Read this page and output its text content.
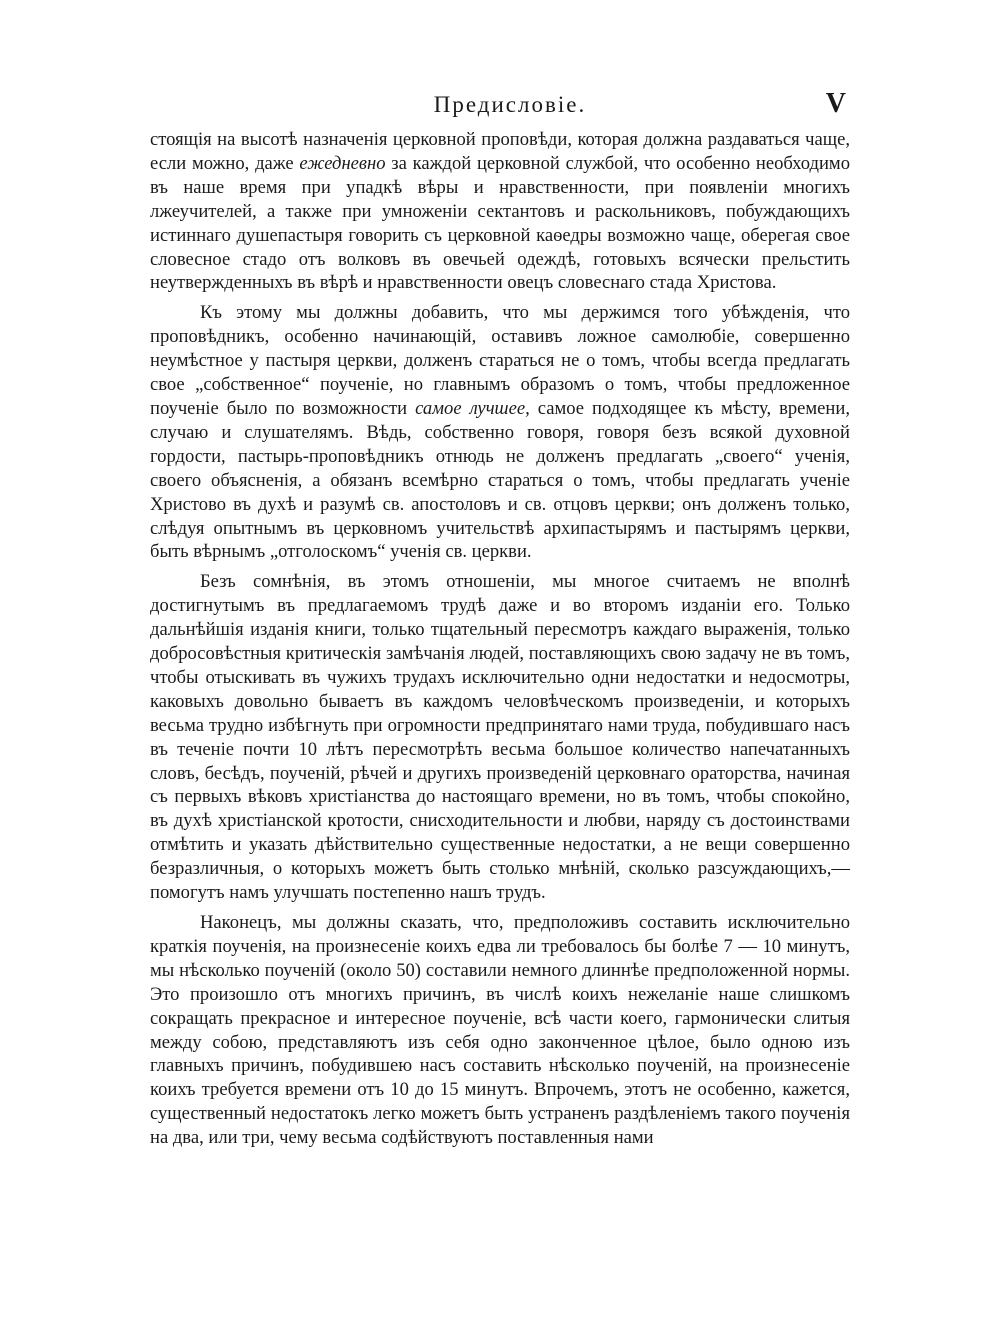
Предисловіе.	V

стоящія на высотѣ назначенія церковной проповѣди, которая должна раздаваться чаще, если можно, даже ежедневно за каждой церковной службой, что особенно необходимо въ наше время при упадкѣ вѣры и нравственности, при появленіи многихъ лжеучителей, а также при умноженіи сектантовъ и раскольниковъ, побуждающихъ истиннаго душепастыря говорить съ церковной каѳедры возможно чаще, оберегая свое словесное стадо отъ волковъ въ овечьей одеждѣ, готовыхъ всячески прельстить неутвержденныхъ въ вѣрѣ и нравственности овецъ словеснаго стада Христова.

Къ этому мы должны добавить, что мы держимся того убѣжденія, что проповѣдникъ, особенно начинающій, оставивъ ложное самолюбіе, совершенно неумѣстное у пастыря церкви, долженъ стараться не о томъ, чтобы всегда предлагать свое „собственное“ поученіе, но главнымъ образомъ о томъ, чтобы предложенное поученіе было по возможности самое лучшее, самое подходящее къ мѣсту, времени, случаю и слушателямъ. Вѣдь, собственно говоря, говоря безъ всякой духовной гордости, пастырь-проповѣдникъ отнюдь не долженъ предлагать „своего“ ученія, своего объясненія, а обязанъ всемѣрно стараться о томъ, чтобы предлагать ученіе Христово въ духѣ и разумѣ св. апостоловъ и св. отцовъ церкви; онъ долженъ только, слѣдуя опытнымъ въ церковномъ учительствѣ архипастырямъ и пастырямъ церкви, быть вѣрнымъ „отголоскомъ“ ученія св. церкви.

Безъ сомнѣнія, въ этомъ отношеніи, мы многое считаемъ не вполнѣ достигнутымъ въ предлагаемомъ трудѣ даже и во второмъ изданіи его. Только дальнѣйшія изданія книги, только тщательный пересмотръ каждаго выраженія, только добросовѣстныя критическія замѣчанія людей, поставляющихъ свою задачу не въ томъ, чтобы отыскивать въ чужихъ трудахъ исключительно одни недостатки и недосмотры, каковыхъ довольно бываетъ въ каждомъ человѣческомъ произведеніи, и которыхъ весьма трудно избѣгнуть при огромности предпринятаго нами труда, побудившаго насъ въ теченіе почти 10 лѣтъ пересмотрѣть весьма большое количество напечатанныхъ словъ, бесѣдъ, поученій, рѣчей и другихъ произведеній церковнаго ораторства, начиная съ первыхъ вѣковъ христіанства до настоящаго времени, но въ томъ, чтобы спокойно, въ духѣ христіанской кротости, снисходительности и любви, наряду съ достоинствами отмѣтить и указать дѣйствительно существенные недостатки, а не вещи совершенно безразличныя, о которыхъ можетъ быть столько мнѣній, сколько разсуждающихъ,— помогутъ намъ улучшать постепенно нашъ трудъ.

Наконецъ, мы должны сказать, что, предположивъ составить исключительно краткія поученія, на произнесеніе коихъ едва ли требовалось бы болѣе 7 — 10 минутъ, мы нѣсколько поученій (около 50) составили немного длиннѣе предположенной нормы. Это произошло отъ многихъ причинъ, въ числѣ коихъ нежеланіе наше слишкомъ сокращать прекрасное и интересное поученіе, всѣ части коего, гармонически слитыя между собою, представляютъ изъ себя одно законченное цѣлое, было одною изъ главныхъ причинъ, побудившею насъ составить нѣсколько поученій, на произнесеніе коихъ требуется времени отъ 10 до 15 минутъ. Впрочемъ, этотъ не особенно, кажется, существенный недостатокъ легко можетъ быть устраненъ раздѣленіемъ такого поученія на два, или три, чему весьма содѣйствуютъ поставленныя нами
